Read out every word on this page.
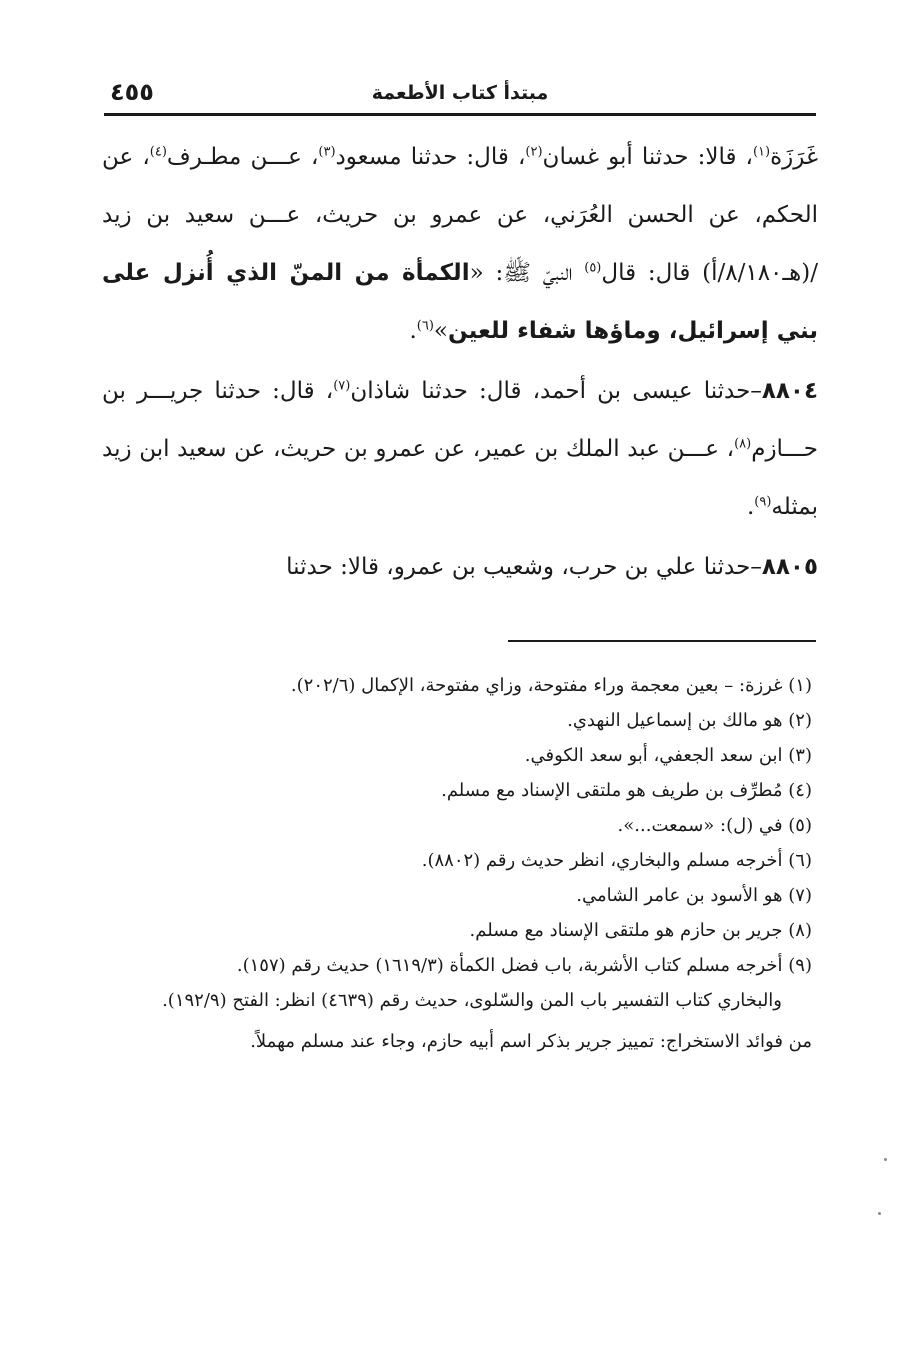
مبتدأ كتاب الأطعمة
٤٥٥

غَرَزَة$^{(١)}$، قالا: حدثنا أبو غسان$^{(٢)}$، قال: حدثنا مسعود$^{(٣)}$، عـــن مطـرف$^{(٤)}$، عن الحكم، عن الحسن العُرَني، عن عمرو بن حريث، عـــن سعيد بن زيد /(هـ٨/١٨٠/أ) قال: قال$^{(٥)}$ النبيّ ﷺ: «الكمأة من المنّ الذي أُنزل على بني إسرائيل، وماؤها شفاء للعين»$^{(٦)}$.

٨٨٠٤–حدثنا عيسى بن أحمد، قال: حدثنا شاذان$^{(٧)}$، قال: حدثنا جريـــر بن حـــازم$^{(٨)}$، عـــن عبد الملك بن عمير، عن عمرو بن حريث، عن سعيد ابن زيد بمثله$^{(٩)}$.

٨٨٠٥–حدثنا علي بن حرب، وشعيب بن عمرو، قالا: حدثنا

(١) غرزة: – بعين معجمة وراء مفتوحة، وزاي مفتوحة، الإكمال (٢٠٢/٦).

(٢) هو مالك بن إسماعيل النهدي.

(٣) ابن سعد الجعفي، أبو سعد الكوفي.

(٤) مُطرِّف بن طريف هو ملتقى الإسناد مع مسلم.

(٥) في (ل): «سمعت...».

(٦) أخرجه مسلم والبخاري، انظر حديث رقم (٨٨٠٢).

(٧) هو الأسود بن عامر الشامي.

(٨) جرير بن حازم هو ملتقى الإسناد مع مسلم.

(٩) أخرجه مسلم كتاب الأشربة، باب فضل الكمأة (١٦١٩/٣) حديث رقم (١٥٧).

والبخاري كتاب التفسير باب المن والسّلوى، حديث رقم (٤٦٣٩) انظر: الفتح (١٩٢/٩).

من فوائد الاستخراج: تمييز جرير بذكر اسم أبيه حازم، وجاء عند مسلم مهملاً.
